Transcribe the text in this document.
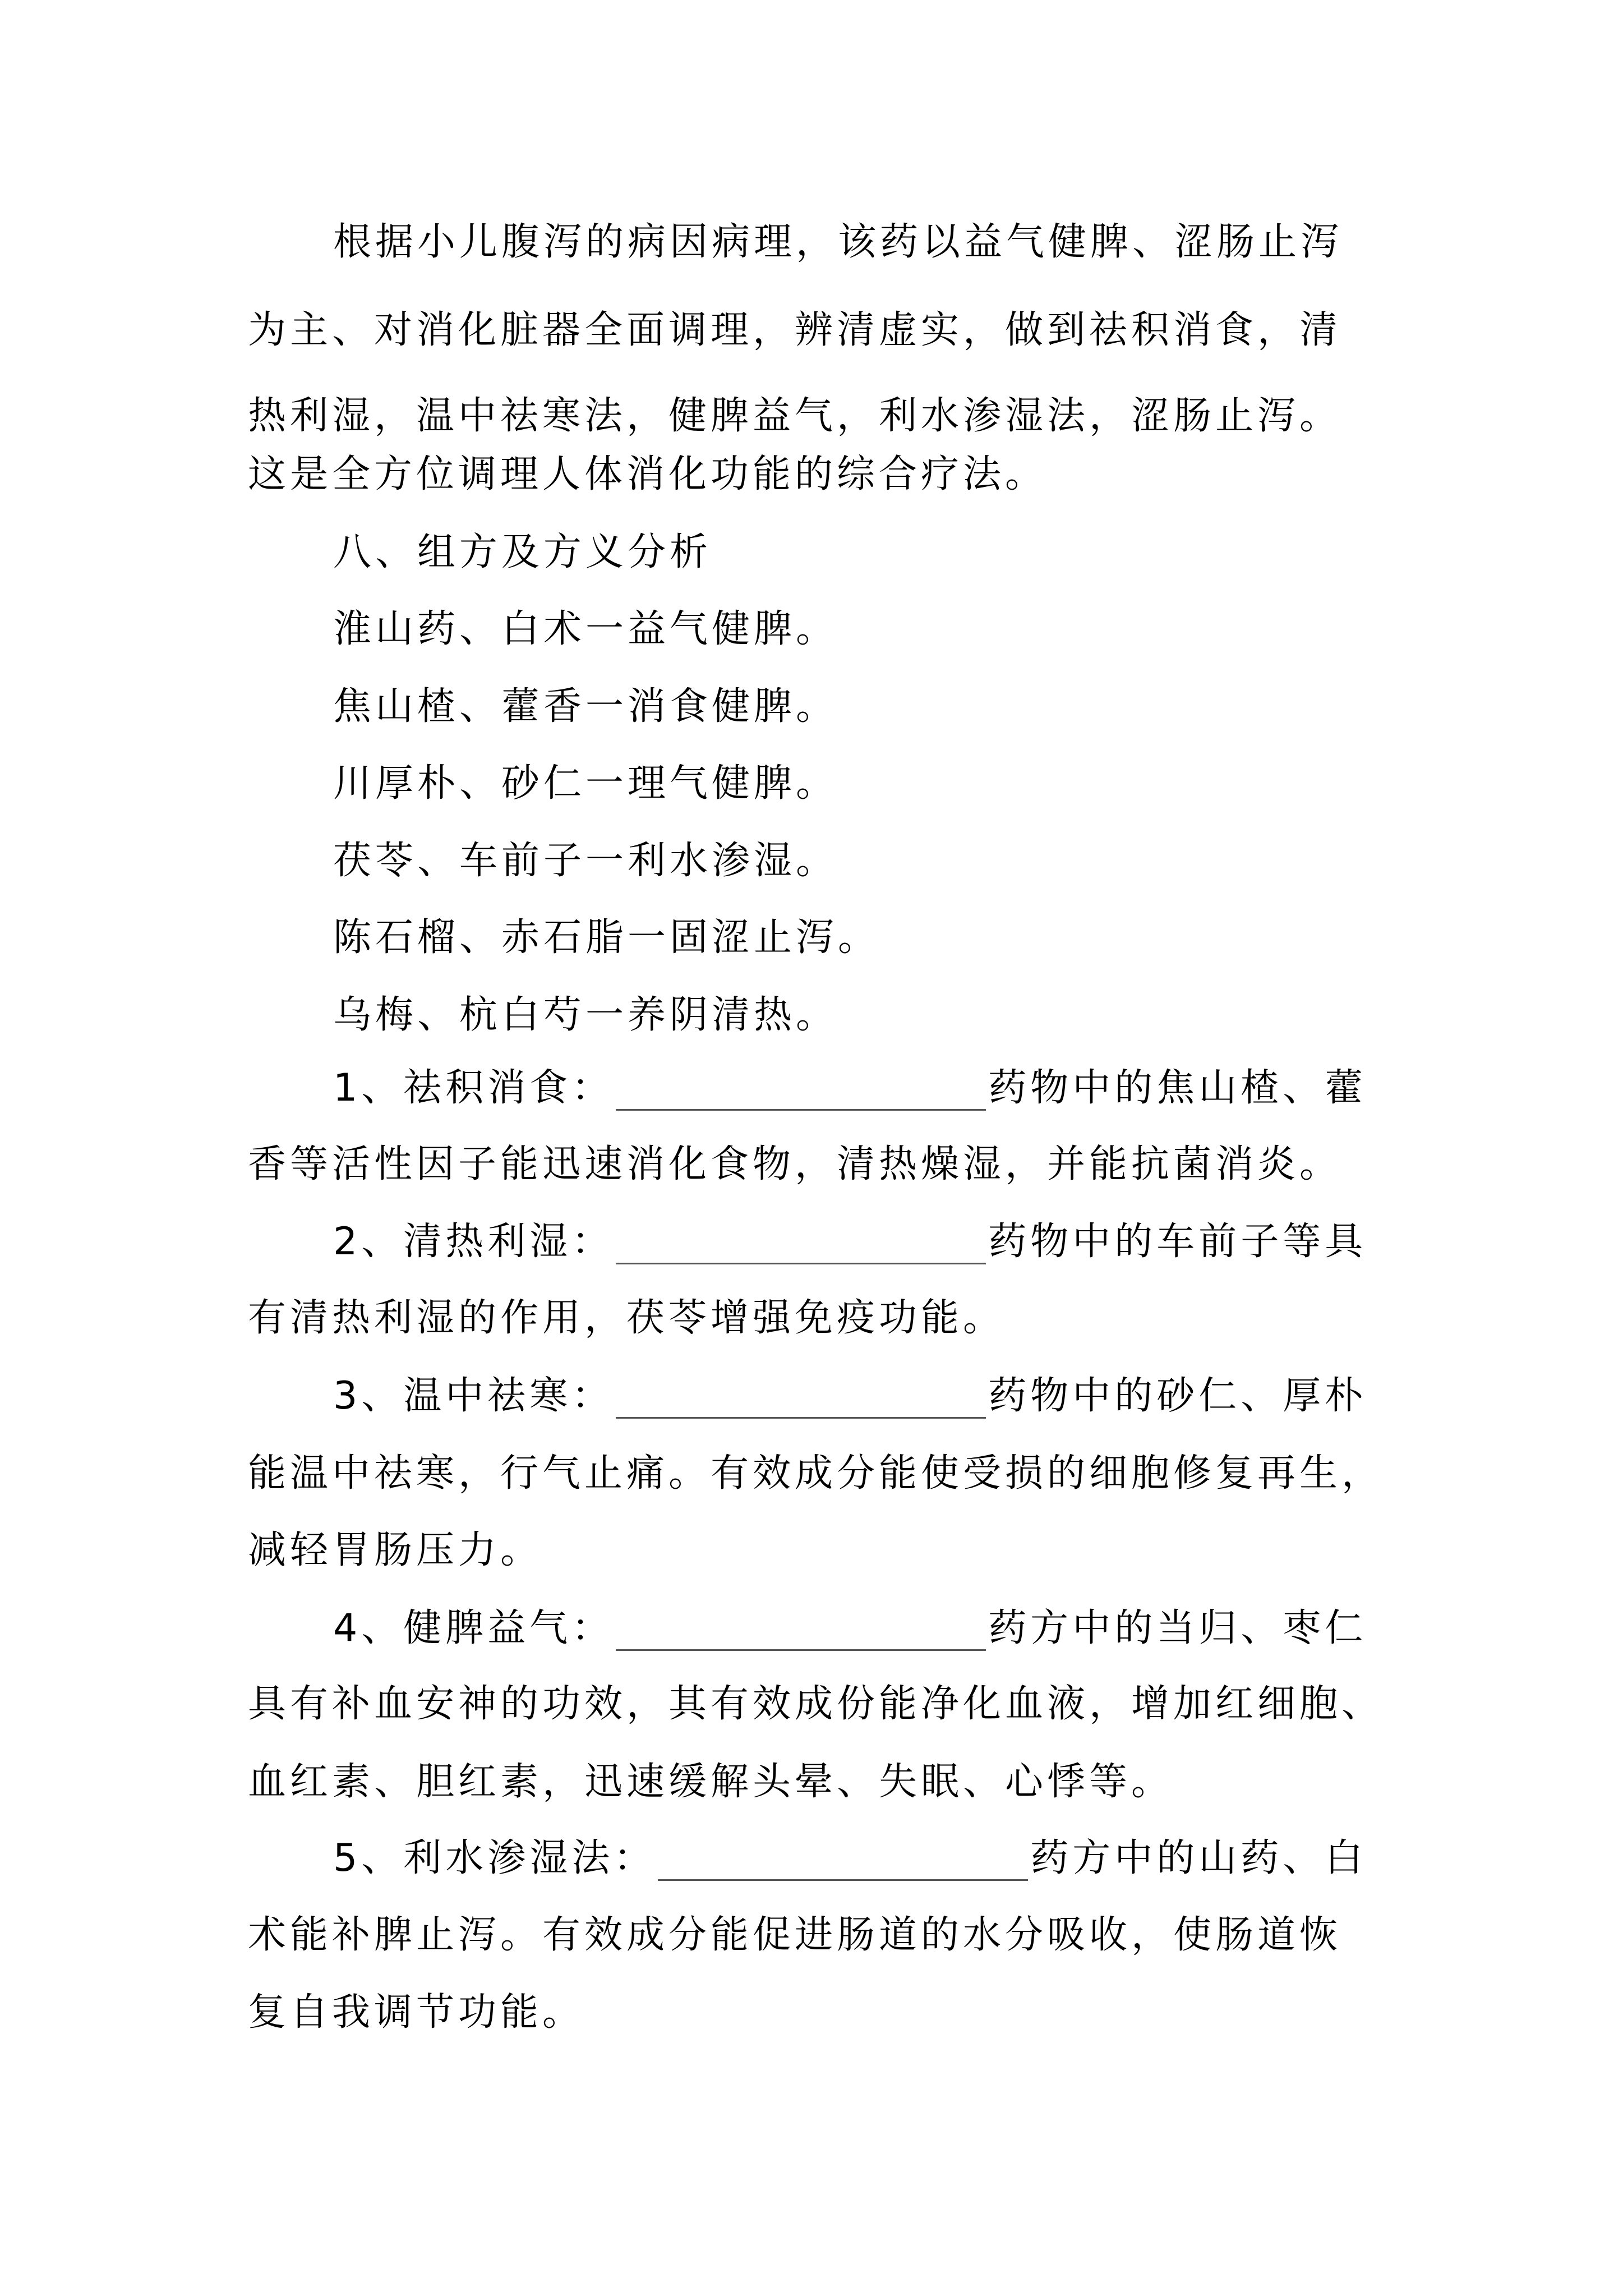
根据小儿腹泻的病因病理，该药以益气健脾、涩肠止泻
为主、对消化脏器全面调理，辨清虚实，做到祛积消食，清
热利湿，温中祛寒法，健脾益气，利水渗湿法，涩肠止泻。
这是全方位调理人体消化功能的综合疗法。
八、组方及方义分析
淮山药、白术一益气健脾。
焦山楂、藿香一消食健脾。
川厚朴、砂仁一理气健脾。
茯苓、车前子一利水渗湿。
陈石榴、赤石脂一固涩止泻。
乌梅、杭白芍一养阴清热。
1、祛积消食：	药物中的焦山楂、藿
香等活性因子能迅速消化食物，清热燥湿，并能抗菌消炎。
2、清热利湿：	药物中的车前子等具
有清热利湿的作用，茯苓增强免疫功能。
3、温中祛寒：	药物中的砂仁、厚朴
能温中祛寒，行气止痛。有效成分能使受损的细胞修复再生，
减轻胃肠压力。
4、健脾益气：	药方中的当归、枣仁
具有补血安神的功效，其有效成份能净化血液，增加红细胞、
血红素、胆红素，迅速缓解头晕、失眠、心悸等。
5、利水渗湿法：	药方中的山药、白
术能补脾止泻。有效成分能促进肠道的水分吸收，使肠道恢
复自我调节功能。
